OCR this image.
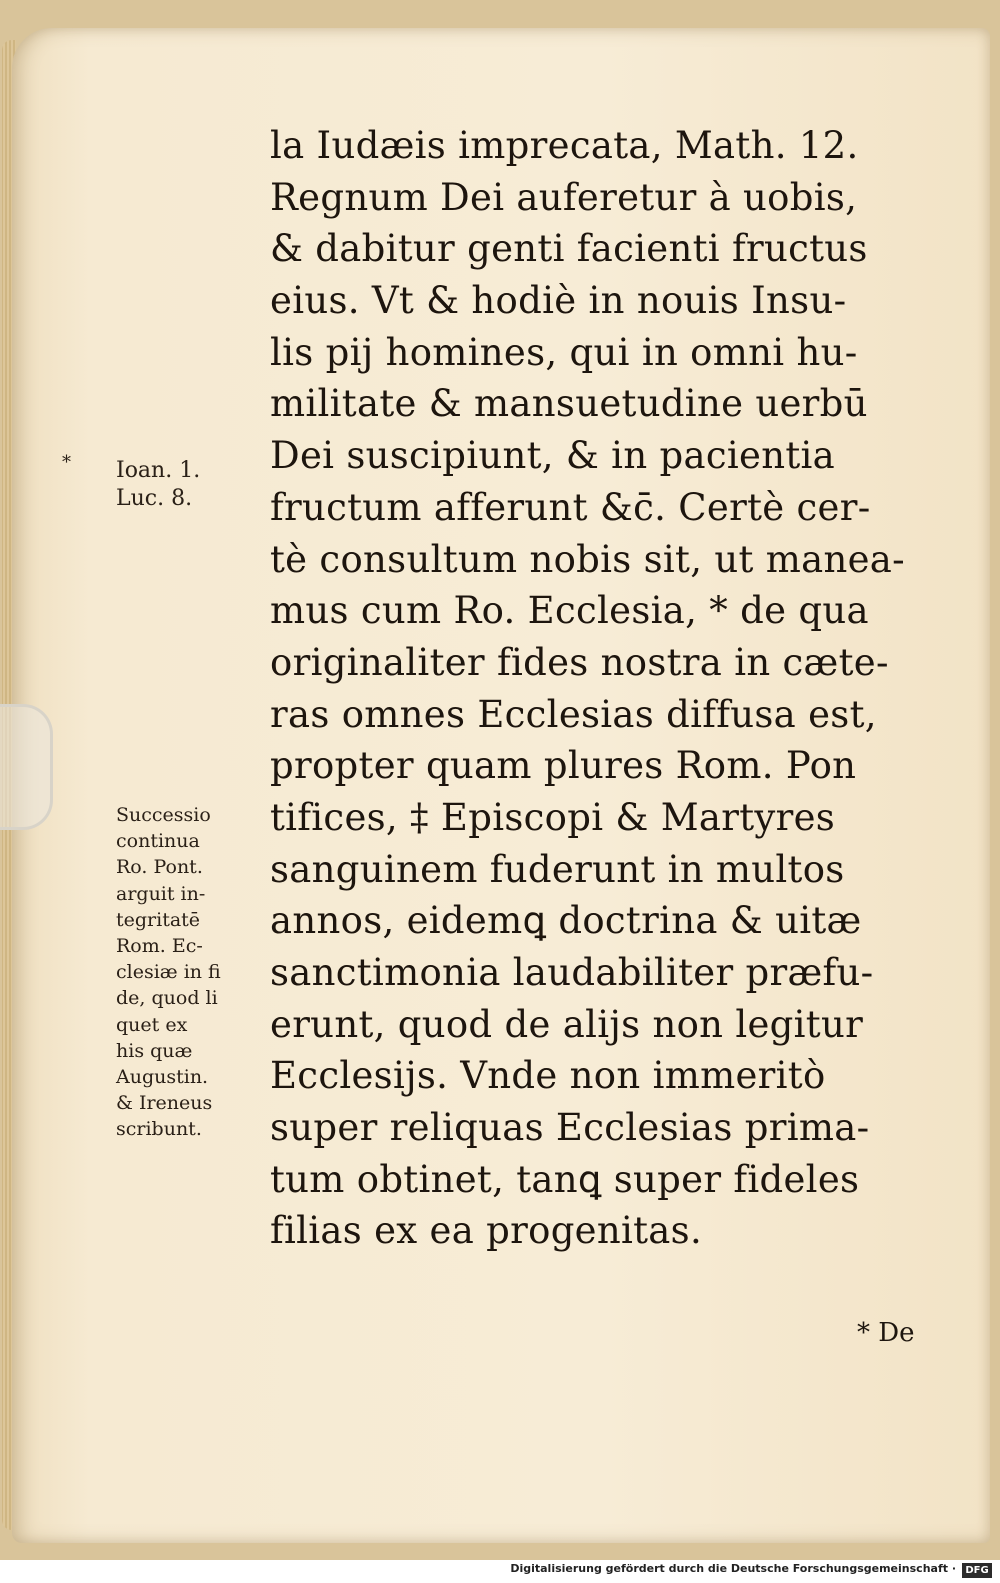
* Ioan. 1.
Luc. 8.
Successio
continua
Ro. Pont.
arguit in-
tegritatē
Rom. Ec-
clesiæ in fi
de, quod li
quet ex
his quæ
Augustin.
& Ireneus
scribunt.
la Iudæis imprecata, Math. 12.
Regnum Dei auferetur à uobis,
& dabitur genti facienti fructus
eius. Vt & hodiè in nouis Insu-
lis pij homines, qui in omni hu-
militate & mansuetudine uerbū
Dei suscipiunt, & in pacientia
fructum afferunt &c̄. Certè cer-
tè consultum nobis sit, ut manea-
mus cum Ro. Ecclesia, * de qua
originaliter fides nostra in cæte-
ras omnes Ecclesias diffusa est,
propter quam plures Rom. Pon
tifices, ‡ Episcopi & Martyres
sanguinem fuderunt in multos
annos, eidemꝗ doctrina & uitæ
sanctimonia laudabiliter præfu-
erunt, quod de alijs non legitur
Ecclesijs. Vnde non immeritò
super reliquas Ecclesias prima-
tum obtinet, tanꝗ super fideles
filias ex ea progenitas.
* De
Digitalisierung gefördert durch die Deutsche Forschungsgemeinschaft · DFG
